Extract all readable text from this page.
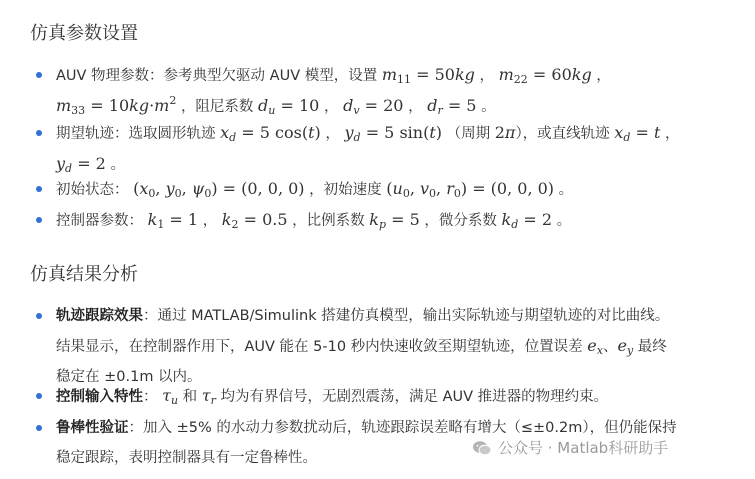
仿真参数设置
AUV 物理参数：参考典型欠驱动 AUV 模型，设置 $m_{11} = 50kg$ ， $m_{22} = 60kg$ ，
$m_{33} = 10kg\cdot m^2$ ，阻尼系数 $d_u = 10$ ， $d_v = 20$ ， $d_r = 5$ 。
期望轨迹：选取圆形轨迹 $x_d = 5$ cos(t) ， $y_d = 5$ sin(t) （周期 2π），或直线轨迹 $x_d = t$ ，
$y_d = 2$ 。
初始状态： ($x_0$, $y_0$, $\psi_0) = (0$, 0, 0) ，初始速度 ($u_0$, $v_0$, $r_0) = (0$, 0, 0) 。
控制器参数： $k_1 = 1$ ， $k_2 = 0.5$ ，比例系数 $k_p = 5$ ，微分系数 $k_d = 2$ 。
仿真结果分析
轨迹跟踪效果：通过 MATLAB/Simulink 搭建仿真模型，输出实际轨迹与期望轨迹的对比曲线。
结果显示，在控制器作用下，AUV 能在 5-10 秒内快速收敛至期望轨迹，位置误差 $e_x$、$e_y$ 最终
稳定在 ±0.1m 以内。
控制输入特性： $\tau_u$ 和 $\tau_r$ 均为有界信号，无剧烈震荡，满足 AUV 推进器的物理约束。
鲁棒性验证：加入 ±5% 的水动力参数扰动后，轨迹跟踪误差略有增大（≤±0.2m），但仍能保持
稳定跟踪，表明控制器具有一定鲁棒性。
公众号 · Matlab科研助手
